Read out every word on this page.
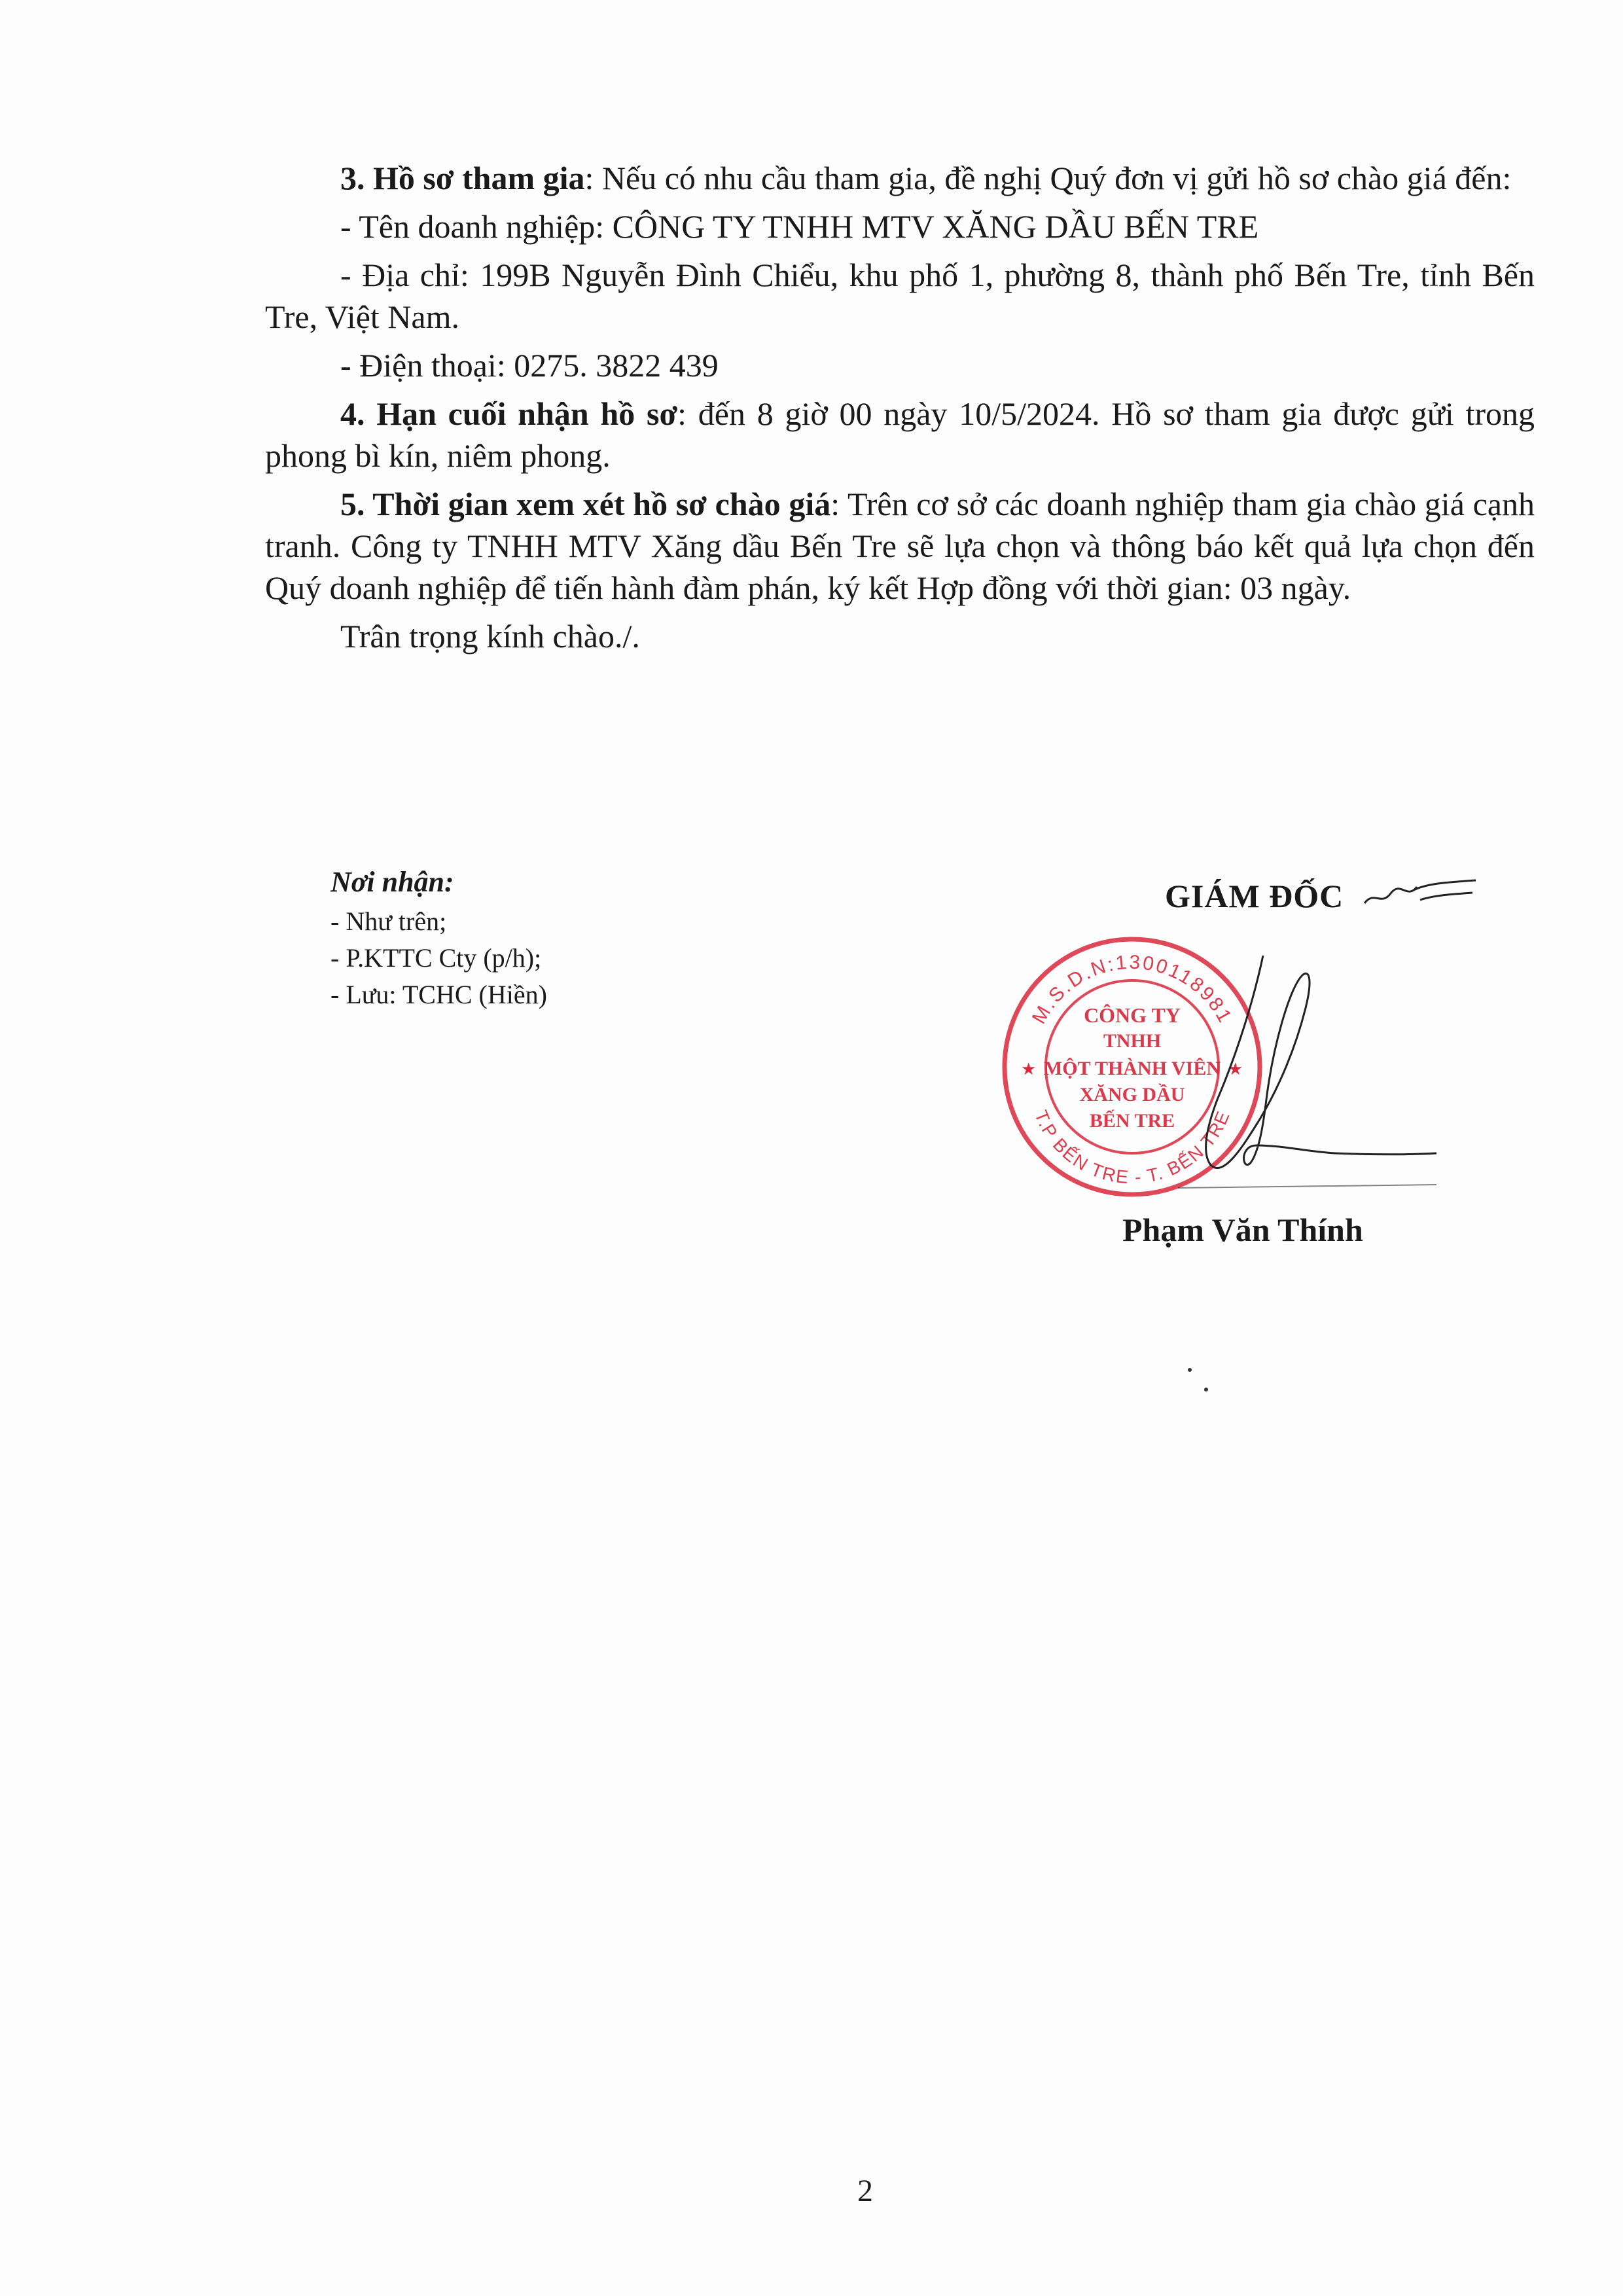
3. Hồ sơ tham gia: Nếu có nhu cầu tham gia, đề nghị Quý đơn vị gửi hồ sơ chào giá đến:

- Tên doanh nghiệp: CÔNG TY TNHH MTV XĂNG DẦU BẾN TRE

- Địa chỉ: 199B Nguyễn Đình Chiểu, khu phố 1, phường 8, thành phố Bến Tre, tỉnh Bến Tre, Việt Nam.

- Điện thoại: 0275. 3822 439

4. Hạn cuối nhận hồ sơ: đến 8 giờ 00 ngày 10/5/2024. Hồ sơ tham gia được gửi trong phong bì kín, niêm phong.

5. Thời gian xem xét hồ sơ chào giá: Trên cơ sở các doanh nghiệp tham gia chào giá cạnh tranh. Công ty TNHH MTV Xăng dầu Bến Tre sẽ lựa chọn và thông báo kết quả lựa chọn đến Quý doanh nghiệp để tiến hành đàm phán, ký kết Hợp đồng với thời gian: 03 ngày.

Trân trọng kính chào./.

Nơi nhận:

- Như trên;

- P.KTTC Cty (p/h);

- Lưu: TCHC (Hiền)

GIÁM ĐỐC
M.S.D.N:1300118981
T.P BẾN TRE - T. BẾN TRE
★	★
CÔNG TY
TNHH
MỘT THÀNH VIÊN
XĂNG DẦU
BẾN TRE
Phạm Văn Thính
2
